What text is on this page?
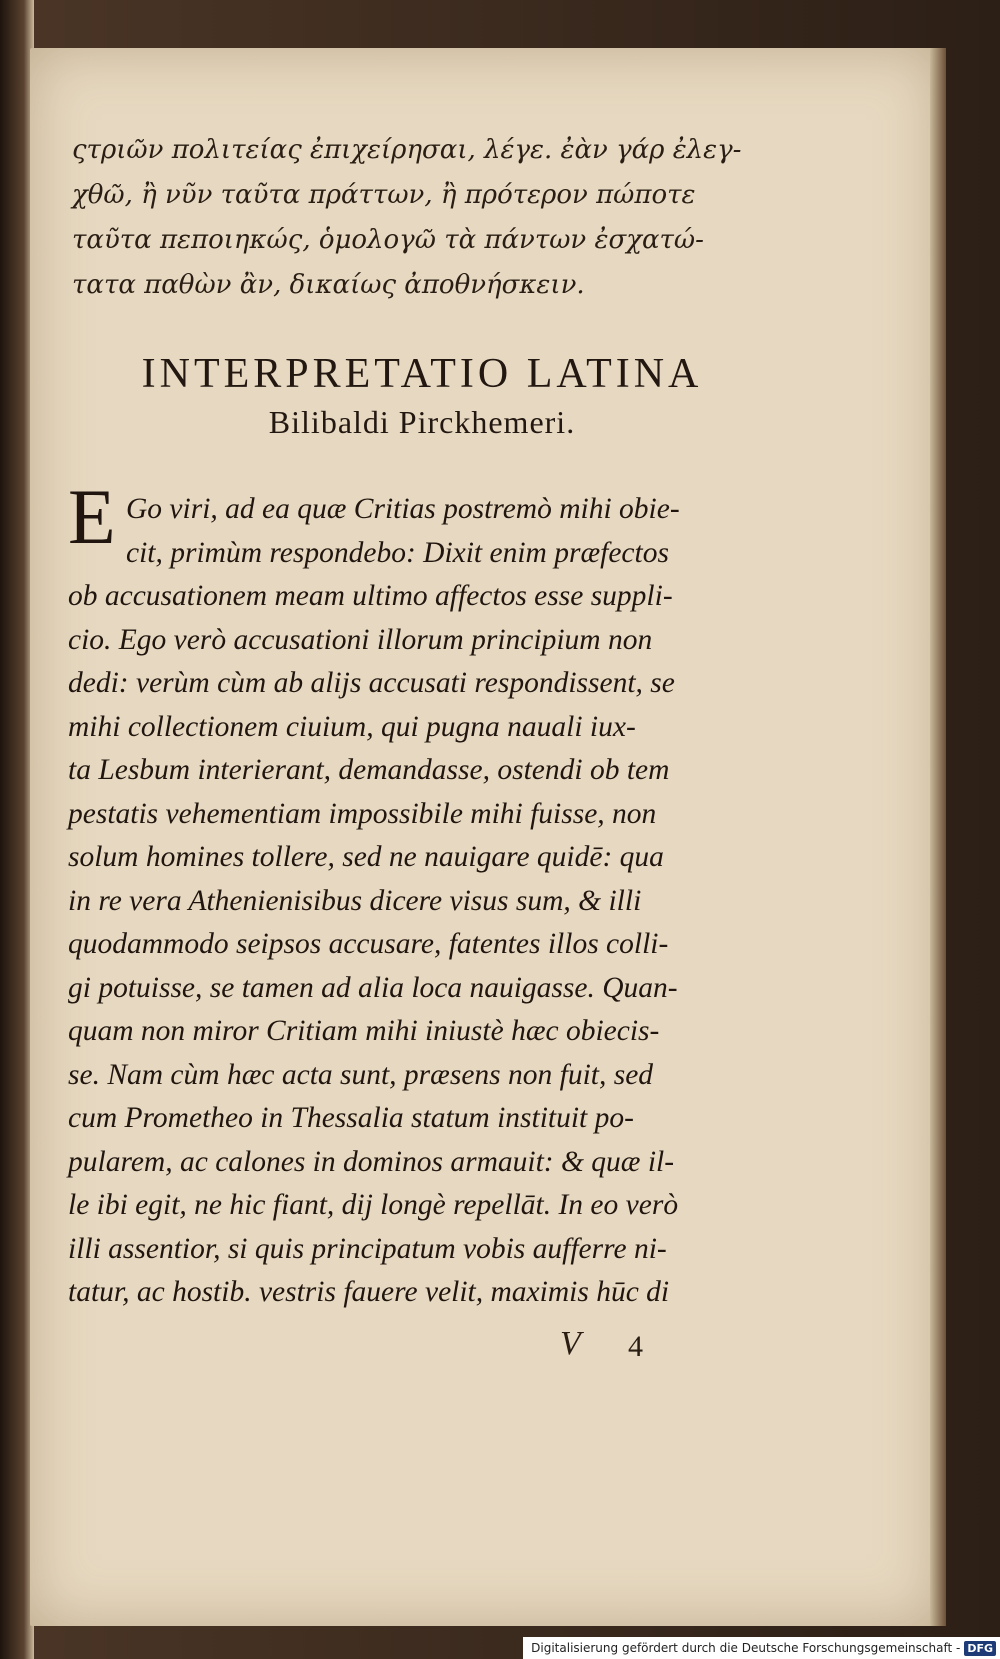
ςτριῶν πολιτείας ἐπιχείρησαι, λέγε. ἐὰν γάρ ἐλεγ-

χθῶ, ἢ νῦν ταῦτα πράττων, ἢ πρότερον πώποτε

ταῦτα πεποιηκώς, ὁμολογῶ τὰ πάντων ἐσχατώ-

τατα παθὼν ἂν, δικαίως ἀποθνήσκειν.

INTERPRETATIO LATINA
Bilibaldi Pirckhemeri.
E Go viri, ad ea quæ Critias postremò mihi obie-

cit, primùm respondebo: Dixit enim præfectos

ob accusationem meam ultimo affectos esse suppli-

cio. Ego verò accusationi illorum principium non

dedi: verùm cùm ab alijs accusati respondissent, se

mihi collectionem ciuium, qui pugna nauali iux-

ta Lesbum interierant, demandasse, ostendi ob tem

pestatis vehementiam impossibile mihi fuisse, non

solum homines tollere, sed ne nauigare quidē: qua

in re vera Athenienisibus dicere visus sum, & illi

quodammodo seipsos accusare, fatentes illos colli-

gi potuisse, se tamen ad alia loca nauigasse. Quan-

quam non miror Critiam mihi iniustè hæc obiecis-

se. Nam cùm hæc acta sunt, præsens non fuit, sed

cum Prometheo in Thessalia statum instituit po-

pularem, ac calones in dominos armauit: & quæ il-

le ibi egit, ne hic fiant, dij longè repellāt. In eo verò

illi assentior, si quis principatum vobis aufferre ni-

tatur, ac hostib. vestris fauere velit, maximis hūc di

V 4
Digitalisierung gefördert durch die Deutsche Forschungsgemeinschaft - DFG
